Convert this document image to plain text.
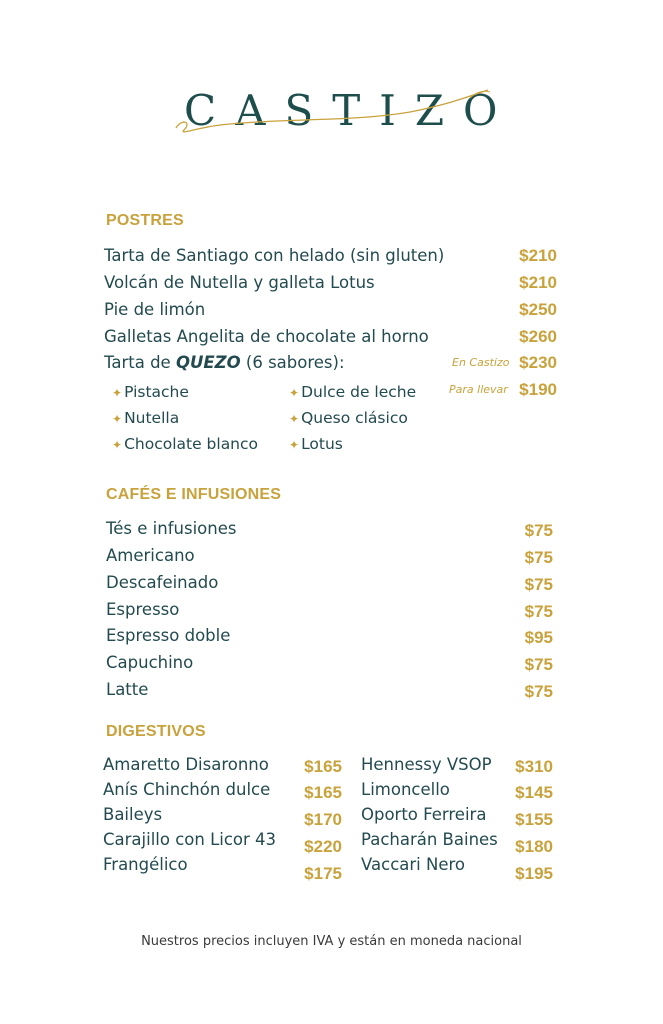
CASTIZO
POSTRES
Tarta de Santiago con helado (sin gluten)	$210
Volcán de Nutella y galleta Lotus	$210
Pie de limón	$250
Galletas Angelita de chocolate al horno	$260
Tarta de QUEZO (6 sabores):	En Castizo $230
Para llevar $190
✦ Pistache	✦ Dulce de leche
✦ Nutella	✦ Queso clásico
✦ Chocolate blanco	✦ Lotus
CAFÉS E INFUSIONES
Tés e infusiones	$75
Americano	$75
Descafeinado	$75
Espresso	$75
Espresso doble	$95
Capuchino	$75
Latte	$75
DIGESTIVOS
Amaretto Disaronno	$165
Anís Chinchón dulce	$165
Baileys	$170
Carajillo con Licor 43	$220
Frangélico	$175
Hennessy VSOP	$310
Limoncello	$145
Oporto Ferreira	$155
Pacharán Baines	$180
Vaccari Nero	$195
Nuestros precios incluyen IVA y están en moneda nacional
